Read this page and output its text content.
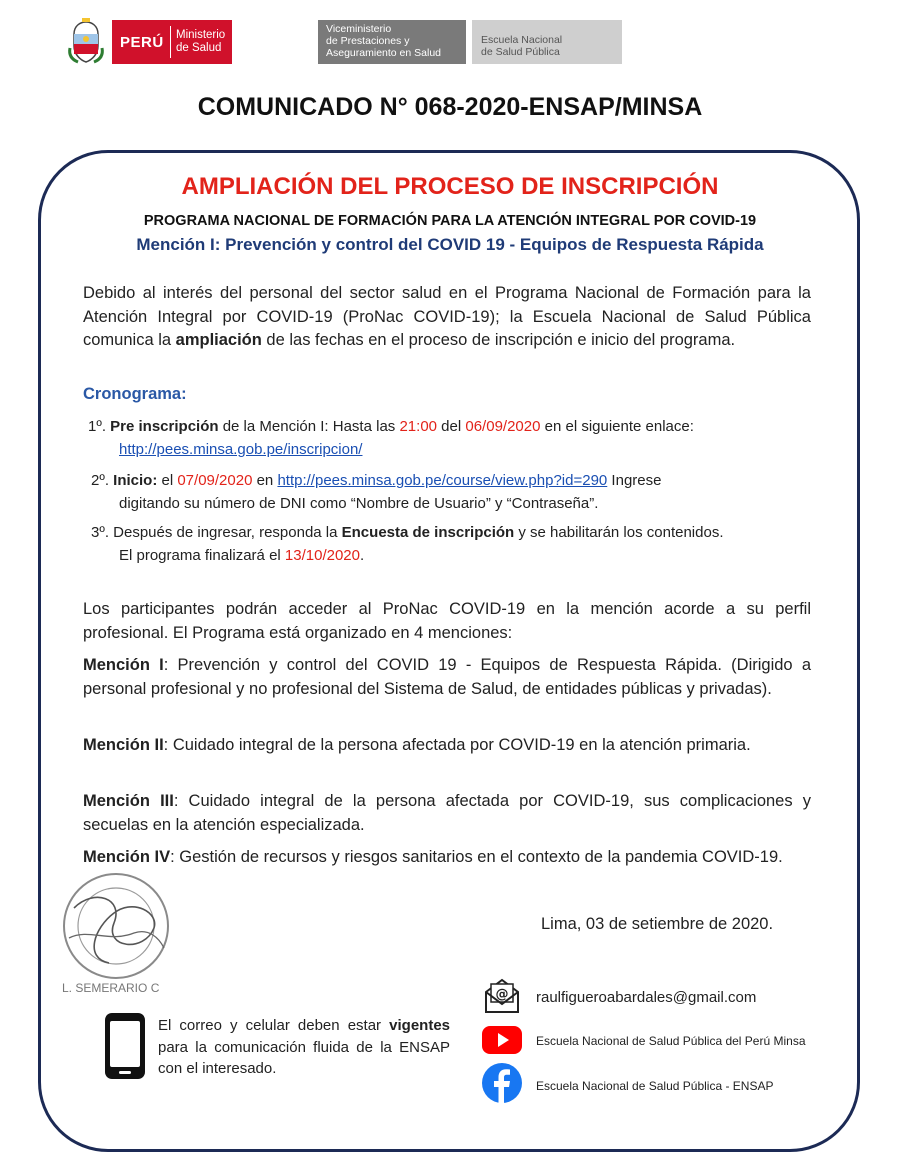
PERÚ Ministerio
de Salud
Viceministerio
de Prestaciones y
Aseguramiento en Salud
Escuela Nacional
de Salud Pública
COMUNICADO N° 068-2020-ENSAP/MINSA
AMPLIACIÓN DEL PROCESO DE INSCRIPCIÓN
PROGRAMA NACIONAL DE FORMACIÓN PARA LA ATENCIÓN INTEGRAL POR COVID-19
Mención I: Prevención y control del COVID 19 - Equipos de Respuesta Rápida

Debido al interés del personal del sector salud en el Programa Nacional de Formación para la Atención Integral por COVID-19 (ProNac COVID-19); la Escuela Nacional de Salud Pública comunica la ampliación de las fechas en el proceso de inscripción e inicio del programa.

Cronograma:

1º. Pre inscripción de la Mención I: Hasta las 21:00 del 06/09/2020 en el siguiente enlace:

http://pees.minsa.gob.pe/inscripcion/

2º. Inicio: el 07/09/2020 en http://pees.minsa.gob.pe/course/view.php?id=290 Ingrese

digitando su número de DNI como “Nombre de Usuario” y “Contraseña”.

3º. Después de ingresar, responda la Encuesta de inscripción y se habilitarán los contenidos.

El programa finalizará el 13/10/2020.

Los participantes podrán acceder al ProNac COVID-19 en la mención acorde a su perfil profesional. El Programa está organizado en 4 menciones:

Mención I: Prevención y control del COVID 19 - Equipos de Respuesta Rápida. (Dirigido a personal profesional y no profesional del Sistema de Salud, de entidades públicas y privadas).

Mención II: Cuidado integral de la persona afectada por COVID-19 en la atención primaria.

Mención III: Cuidado integral de la persona afectada por COVID-19, sus complicaciones y secuelas en la atención especializada.

Mención IV: Gestión de recursos y riesgos sanitarios en el contexto de la pandemia COVID-19.

L. SEMERARIO C
Lima, 03 de setiembre de 2020.

El correo y celular deben estar vigentes para la comunicación fluida de la ENSAP con el interesado.

@ raulfigueroabardales@gmail.com
Escuela Nacional de Salud Pública del Perú Minsa
Escuela Nacional de Salud Pública - ENSAP
